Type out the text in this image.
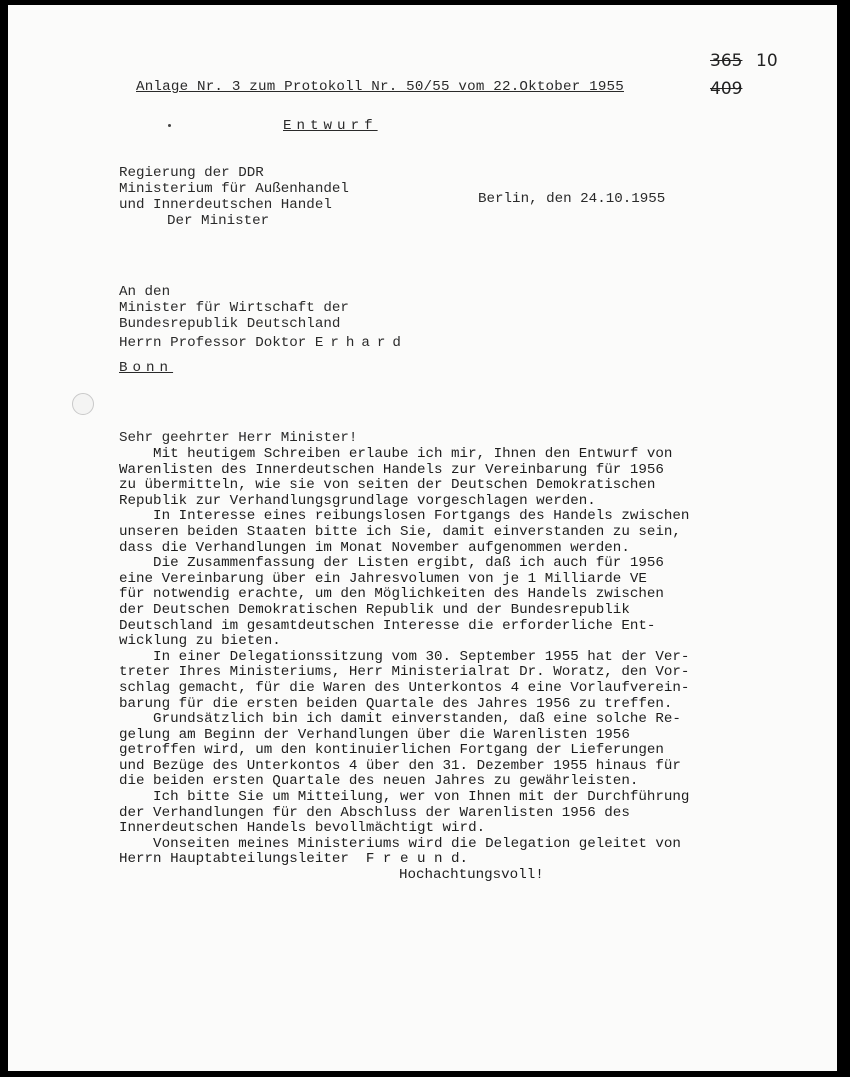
Anlage Nr. 3 zum Protokoll Nr. 50/55 vom 22.Oktober 1955
365 10
409
Entwurf
Regierung der DDR
Ministerium für Außenhandel
und Innerdeutschen Handel
Der Minister
Berlin, den 24.10.1955
An den
Minister für Wirtschaft der
Bundesrepublik Deutschland
Herrn Professor Doktor Erhard
Bonn
Sehr geehrter Herr Minister!
Mit heutigem Schreiben erlaube ich mir, Ihnen den Entwurf von
Warenlisten des Innerdeutschen Handels zur Vereinbarung für 1956
zu übermitteln, wie sie von seiten der Deutschen Demokratischen
Republik zur Verhandlungsgrundlage vorgeschlagen werden.
In Interesse eines reibungslosen Fortgangs des Handels zwischen
unseren beiden Staaten bitte ich Sie, damit einverstanden zu sein,
dass die Verhandlungen im Monat November aufgenommen werden.
Die Zusammenfassung der Listen ergibt, daß ich auch für 1956
eine Vereinbarung über ein Jahresvolumen von je 1 Milliarde VE
für notwendig erachte, um den Möglichkeiten des Handels zwischen
der Deutschen Demokratischen Republik und der Bundesrepublik
Deutschland im gesamtdeutschen Interesse die erforderliche Ent-
wicklung zu bieten.
In einer Delegationssitzung vom 30. September 1955 hat der Ver-
treter Ihres Ministeriums, Herr Ministerialrat Dr. Woratz, den Vor-
schlag gemacht, für die Waren des Unterkontos 4 eine Vorlaufverein-
barung für die ersten beiden Quartale des Jahres 1956 zu treffen.
Grundsätzlich bin ich damit einverstanden, daß eine solche Re-
gelung am Beginn der Verhandlungen über die Warenlisten 1956
getroffen wird, um den kontinuierlichen Fortgang der Lieferungen
und Bezüge des Unterkontos 4 über den 31. Dezember 1955 hinaus für
die beiden ersten Quartale des neuen Jahres zu gewährleisten.
Ich bitte Sie um Mitteilung, wer von Ihnen mit der Durchführung
der Verhandlungen für den Abschluss der Warenlisten 1956 des
Innerdeutschen Handels bevollmächtigt wird.
Vonseiten meines Ministeriums wird die Delegation geleitet von
Herrn Hauptabteilungsleiter  F r e u n d.
Hochachtungsvoll!
